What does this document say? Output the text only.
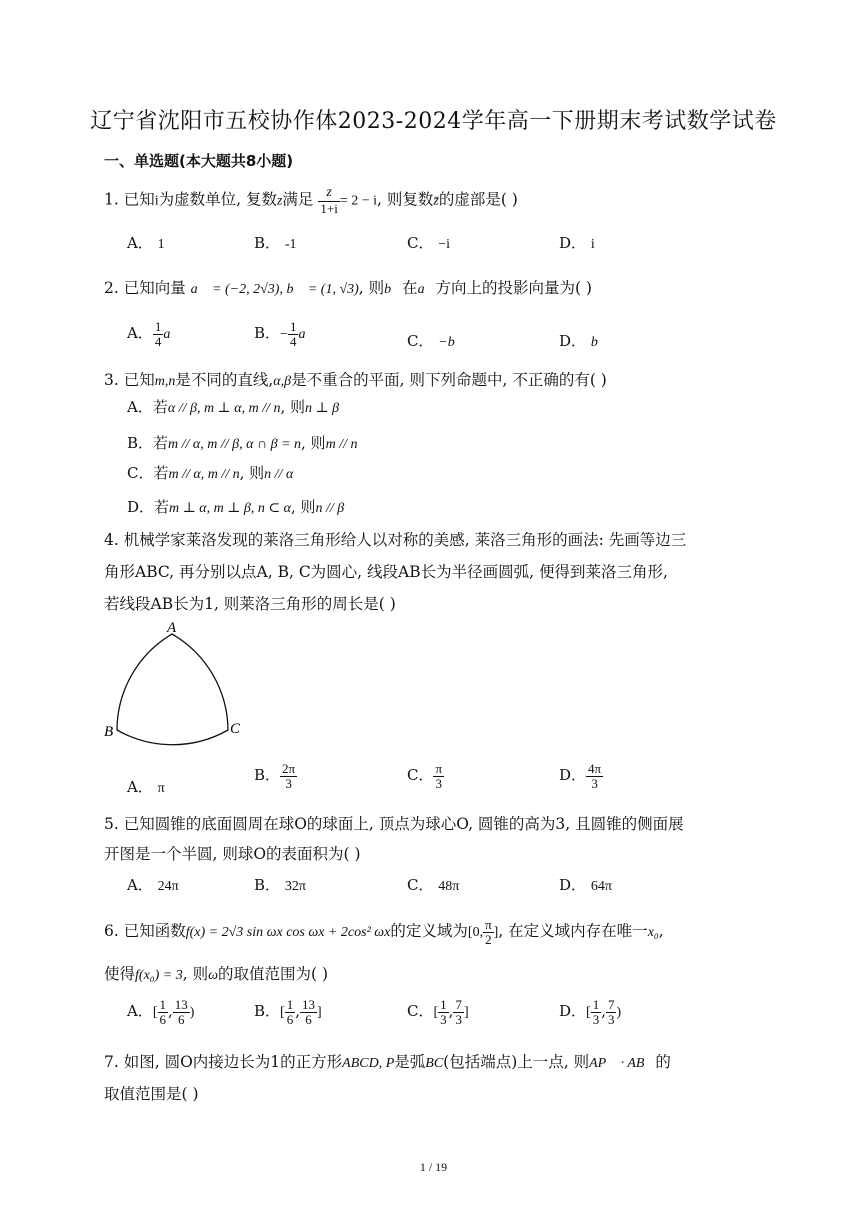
辽宁省沈阳市五校协作体2023-2024学年高一下册期末考试数学试卷
一、单选题(本大题共8小题)
1. 已知i为虚数单位, 复数z满足 $\frac{z}{1+i} = 2 - i$, 则复数z̄的虚部是( )
A． 1	B． -1	C． −i	D． i
2. 已知向量 a⃗ = (−2, 2√3), b⃗ = (1, √3), 则b⃗在a⃗方向上的投影向量为( )
A． $\frac{1}{4}$ a⃗	B．− $\frac{1}{4}$ a⃗	C． −b⃗	D． b⃗
3. 已知m,n是不同的直线,α,β是不重合的平面, 则下列命题中, 不正确的有( )
A．若α // β, m ⊥ α, m // n, 则n ⊥ β
B．若m // α, m // β, α ∩ β = n, 则m // n
C．若m // α, m // n, 则n // α
D．若m ⊥ α, m ⊥ β, n ⊂ α, 则n // β
4. 机械学家莱洛发现的莱洛三角形给人以对称的美感, 莱洛三角形的画法: 先画等边三
角形ABC, 再分别以点A, B, C为圆心, 线段AB长为半径画圆弧, 便得到莱洛三角形,
若线段AB长为1, 则莱洛三角形的周长是( )
A
B	C
A． π
B． $\frac{2\pi}{3}$	C． $\frac{\pi}{3}$	D． $\frac{4\pi}{3}$
5. 已知圆锥的底面圆周在球O的球面上, 顶点为球心O, 圆锥的高为3, 且圆锥的侧面展
开图是一个半圆, 则球O的表面积为( )
A． 24π	B． 32π	C． 48π	D． 64π
6. 已知函数f(x) = 2√3 sin ωx cos ωx + 2cos² ωx的定义域为[0, $\frac{\pi}{2}$ ], 在定义域内存在唯一x₀,
使得f(x₀) = 3, 则ω的取值范围为( )
A．[ $\frac{1}{6}$ , $\frac{13}{6}$ )	B．[ $\frac{1}{6}$ , $\frac{13}{6}$ ]	C．[ $\frac{1}{3}$ , $\frac{7}{3}$ ]	D．[ $\frac{1}{3}$ , $\frac{7}{3}$ )
7. 如图, 圆O内接边长为1的正方形ABCD, P是弧BC(包括端点)上一点, 则AP⃗ · AB⃗的
取值范围是( )
1 / 19
